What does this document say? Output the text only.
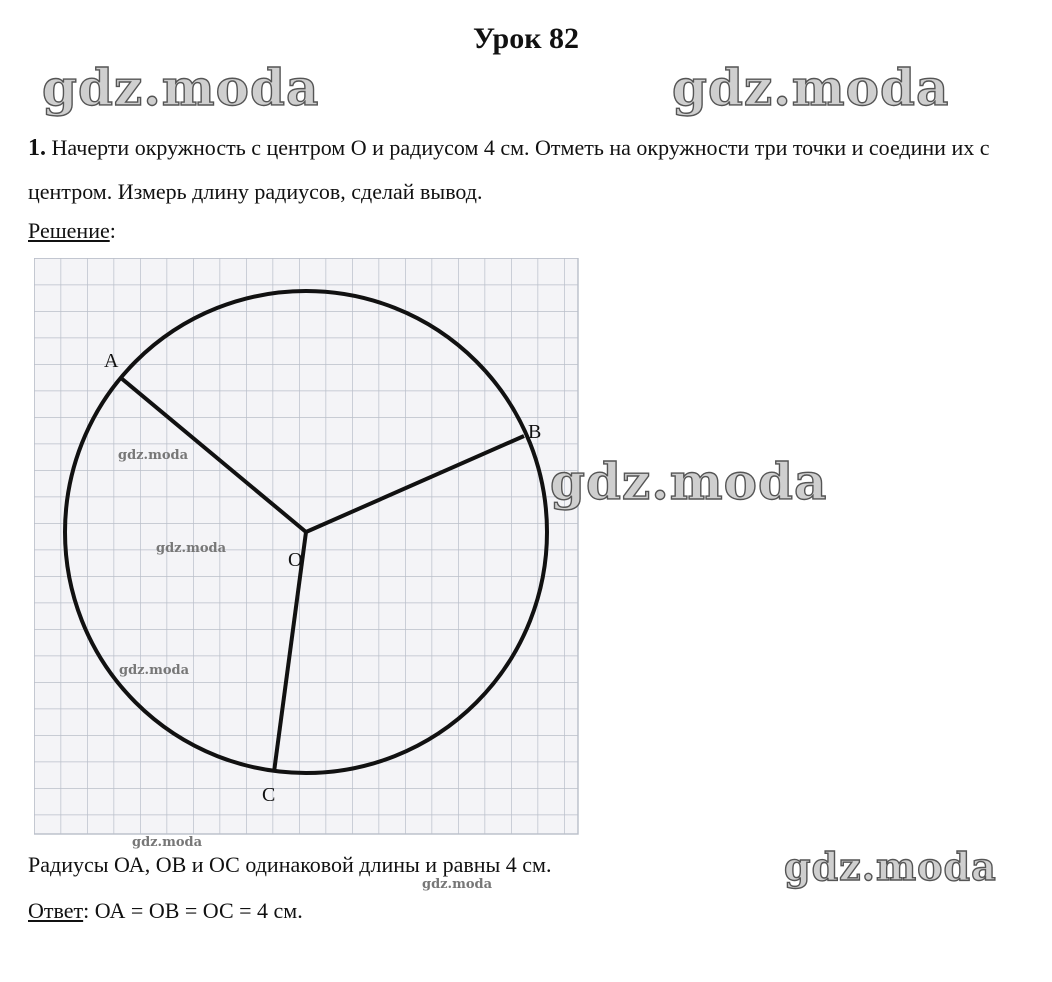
Урок 82
gdz.moda	gdz.moda
1. Начерти окружность с центром О и радиусом 4 см. Отметь на окружности три точки и соедини их с центром. Измерь длину радиусов, сделай вывод.
Решение:
A
B
C
O
gdz.moda
gdz.moda
gdz.moda
gdz.moda
gdz.moda
Радиусы ОА, ОВ и ОС одинаковой длины и равны 4 см.
gdz.moda	gdz.moda
Ответ: ОА = ОВ = ОС = 4 см.
